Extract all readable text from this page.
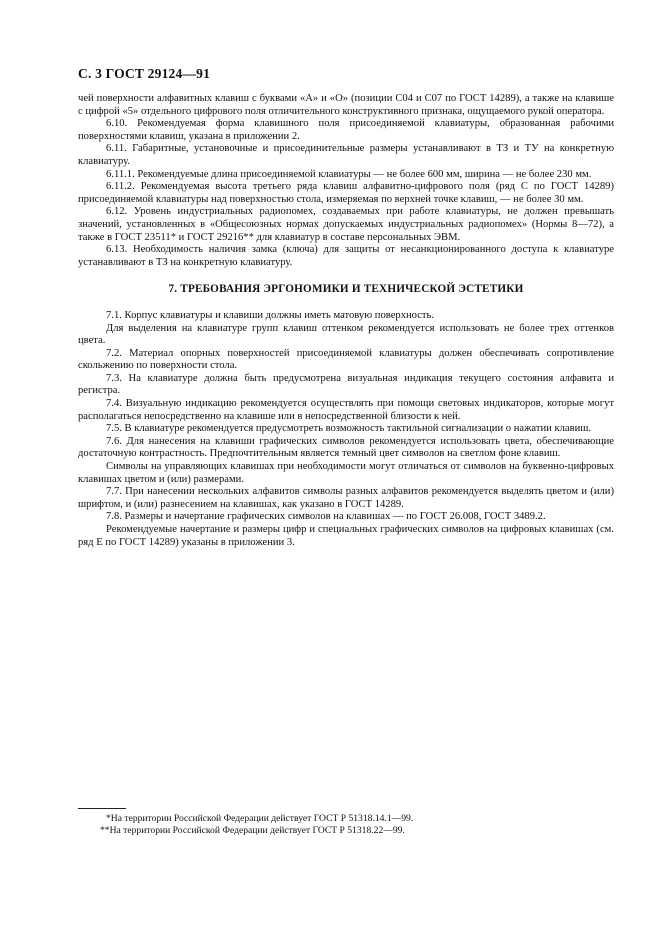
С. 3 ГОСТ 29124—91

чей поверхности алфавитных клавиш с буквами «А» и «О» (позиции С04 и С07 по ГОСТ 14289), а также на клавише с цифрой «5» отдельного цифрового поля отличительного конструктивного признака, ощущаемого рукой оператора.

6.10. Рекомендуемая форма клавишного поля присоединяемой клавиатуры, образованная рабочими поверхностями клавиш, указана в приложении 2.

6.11. Габаритные, установочные и присоединительные размеры устанавливают в ТЗ и ТУ на конкретную клавиатуру.

6.11.1. Рекомендуемые длина присоединяемой клавиатуры — не более 600 мм, ширина — не более 230 мм.

6.11.2. Рекомендуемая высота третьего ряда клавиш алфавитно-цифрового поля (ряд С по ГОСТ 14289) присоединяемой клавиатуры над поверхностью стола, измеряемая по верхней точке клавиш, — не более 30 мм.

6.12. Уровень индустриальных радиопомех, создаваемых при работе клавиатуры, не должен превышать значений, установленных в «Общесоюзных нормах допускаемых индустриальных радиопомех» (Нормы 8—72), а также в ГОСТ 23511* и ГОСТ 29216** для клавиатур в составе персональных ЭВМ.

6.13. Необходимость наличия замка (ключа) для защиты от несанкционированного доступа к клавиатуре устанавливают в ТЗ на конкретную клавиатуру.

7. ТРЕБОВАНИЯ ЭРГОНОМИКИ И ТЕХНИЧЕСКОЙ ЭСТЕТИКИ

7.1. Корпус клавиатуры и клавиши должны иметь матовую поверхность.

Для выделения на клавиатуре групп клавиш оттенком рекомендуется использовать не более трех оттенков цвета.

7.2. Материал опорных поверхностей присоединяемой клавиатуры должен обеспечивать сопротивление скольжению по поверхности стола.

7.3. На клавиатуре должна быть предусмотрена визуальная индикация текущего состояния алфавита и регистра.

7.4. Визуальную индикацию рекомендуется осуществлять при помощи световых индикаторов, которые могут располагаться непосредственно на клавише или в непосредственной близости к ней.

7.5. В клавиатуре рекомендуется предусмотреть возможность тактильной сигнализации о нажатии клавиш.

7.6. Для нанесения на клавиши графических символов рекомендуется использовать цвета, обеспечивающие достаточную контрастность. Предпочтительным является темный цвет символов на светлом фоне клавиш.

Символы на управляющих клавишах при необходимости могут отличаться от символов на буквенно-цифровых клавишах цветом и (или) размерами.

7.7. При нанесении нескольких алфавитов символы разных алфавитов рекомендуется выделять цветом и (или) шрифтом, и (или) разнесением на клавишах, как указано в ГОСТ 14289.

7.8. Размеры и начертание графических символов на клавишах — по ГОСТ 26.008, ГОСТ 3489.2.

Рекомендуемые начертание и размеры цифр и специальных графических символов на цифровых клавишах (см. ряд Е по ГОСТ 14289) указаны в приложении 3.

*На территории Российской Федерации действует ГОСТ Р 51318.14.1—99.

**На территории Российской Федерации действует ГОСТ Р 51318.22—99.
